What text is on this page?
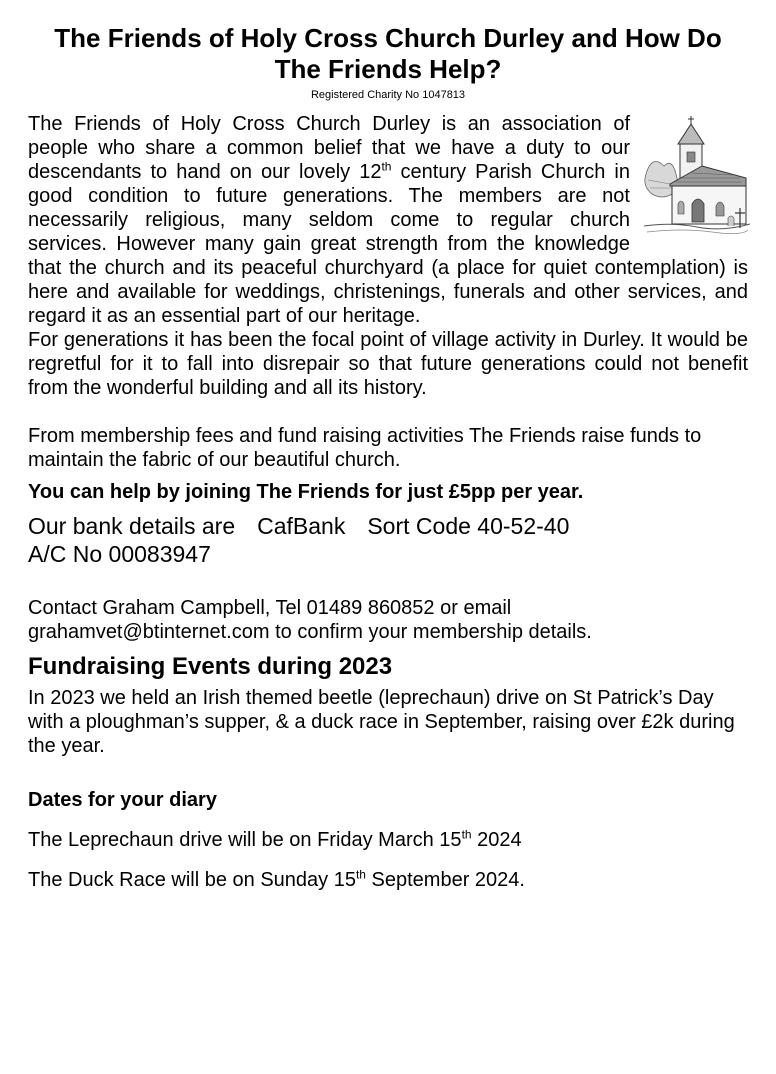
The Friends of Holy Cross Church Durley and How Do The Friends Help?

Registered Charity No 1047813

The Friends of Holy Cross Church Durley is an association of people who share a common belief that we have a duty to our descendants to hand on our lovely 12th century Parish Church in good condition to future generations. The members are not necessarily religious, many seldom come to regular church services. However many gain great strength from the knowledge that the church and its peaceful churchyard (a place for quiet contemplation) is here and available for weddings, christenings, funerals and other services, and regard it as an essential part of our heritage.

For generations it has been the focal point of village activity in Durley. It would be regretful for it to fall into disrepair so that future generations could not benefit from the wonderful building and all its history.

From membership fees and fund raising activities The Friends raise funds to maintain the fabric of our beautiful church.

You can help by joining The Friends for just £5pp per year.

Our bank details are CafBank Sort Code 40-52-40
A/C No 00083947

Contact Graham Campbell, Tel 01489 860852 or email

grahamvet@btinternet.com to confirm your membership details.

Fundraising Events during 2023

In 2023 we held an Irish themed beetle (leprechaun) drive on St Patrick’s Day with a ploughman’s supper, & a duck race in September, raising over £2k during the year.

Dates for your diary

The Leprechaun drive will be on Friday March 15th 2024

The Duck Race will be on Sunday 15th September 2024.
